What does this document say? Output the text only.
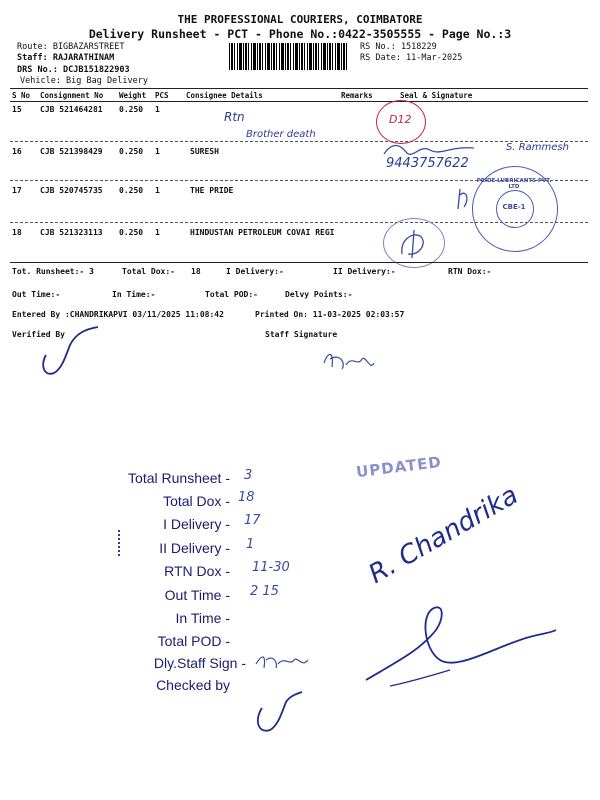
THE PROFESSIONAL COURIERS, COIMBATORE
Delivery Runsheet - PCT - Phone No.:0422-3505555 - Page No.:3
Route: BIGBAZARSTREET
Staff: RAJARATHINAM
DRS No.: DCJB151822903
Vehicle: Big Bag Delivery
RS No.: 1518229
RS Date: 11-Mar-2025
S No Consignment No Weight PCS Consignee Details	Remarks	Seal & Signature
15 CJB 521464281 0.250 1
Rtn
Brother death
D12
16 CJB 521398429 0.250 1	SURESH
9443757622
S. Rammesh
17 CJB 520745735 0.250 1	THE PRIDE
PRIDE LUBRICANTS PVT. LTD
CBE-1
18 CJB 521323113 0.250 1	HINDUSTAN PETROLEUM COVAI REGI
Tot. Runsheet:- 3	Total Dox:- 18	I Delivery:-	II Delivery:-	RTN Dox:-
Out Time:-	In Time:-	Total POD:-	Delvy Points:-
Entered By :CHANDRIKAPVI 03/11/2025 11:08:42	Printed On: 11-03-2025 02:03:57
Verified By	Staff Signature
Total Runsheet - 3
Total Dox - 18
I Delivery - 17
II Delivery - 1
RTN Dox - 11-30
Out Time - 2 15
In Time -
Total POD -
Dly.Staff Sign -
Checked by
UPDATED
R. Chandrika
